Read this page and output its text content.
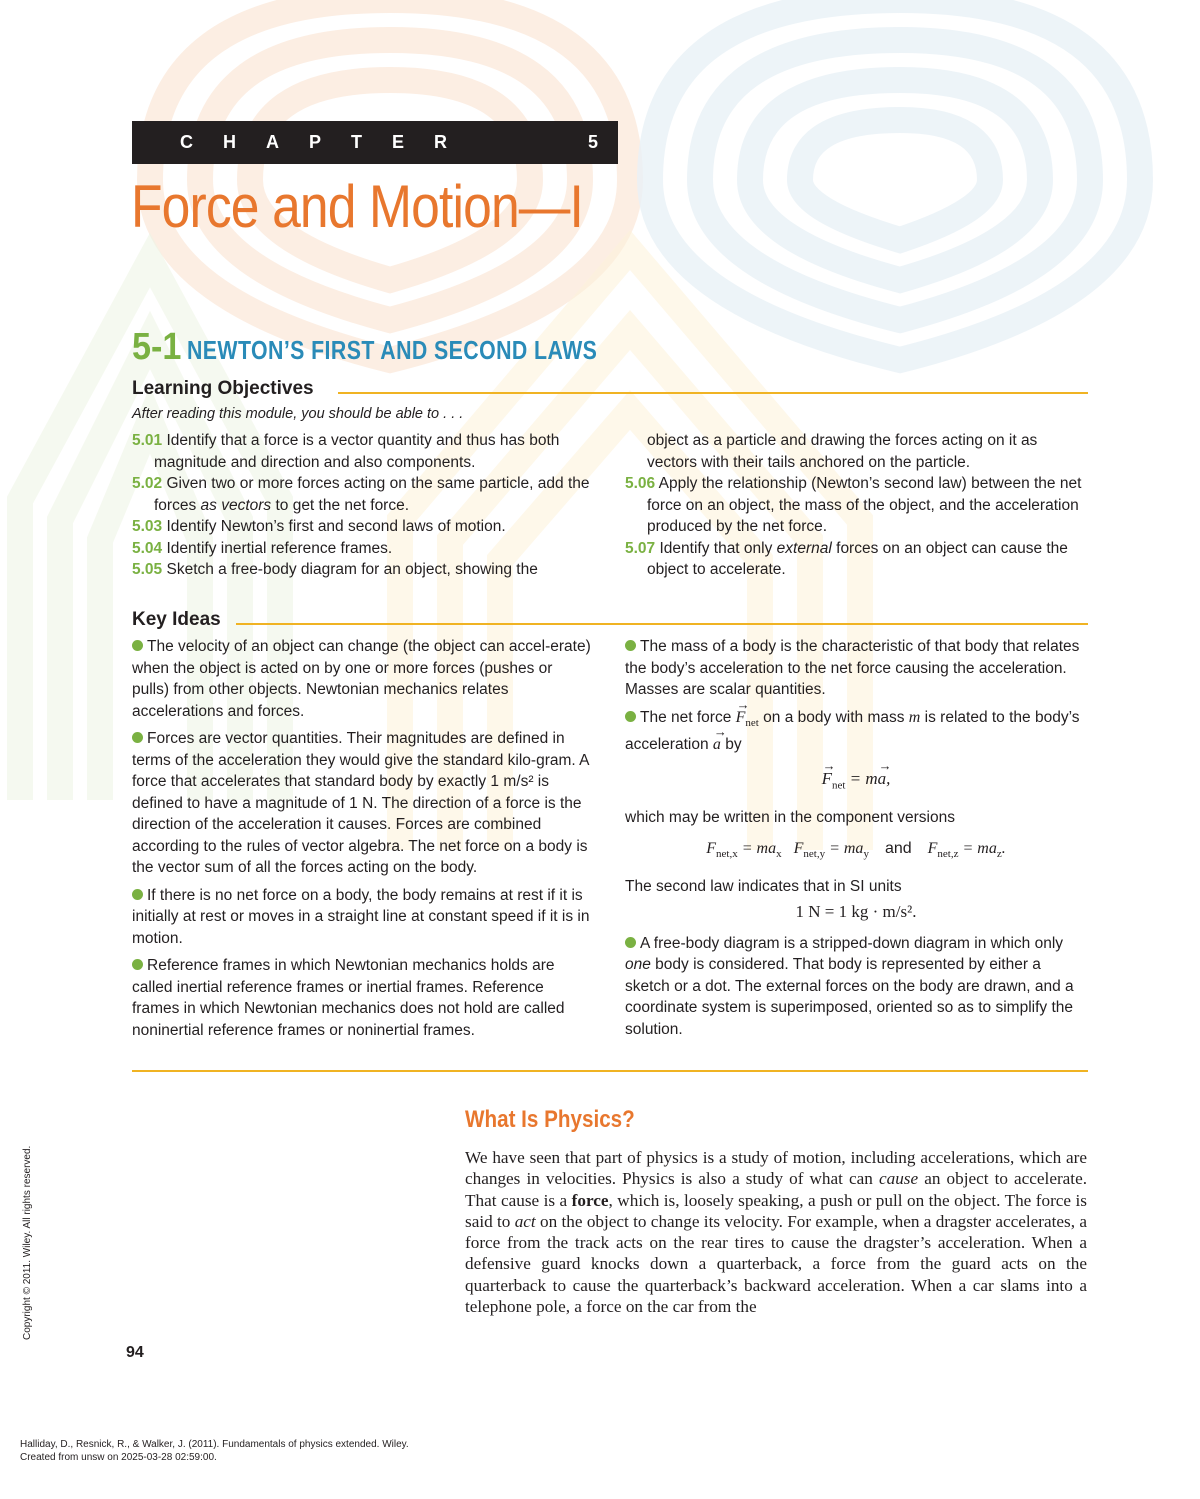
CHAPTER	5
Force and Motion—I
5-1 NEWTON’S FIRST AND SECOND LAWS
Learning Objectives
After reading this module, you should be able to . . .
5.01 Identify that a force is a vector quantity and thus has both magnitude and direction and also components.
5.02 Given two or more forces acting on the same particle, add the forces as vectors to get the net force.
5.03 Identify Newton’s first and second laws of motion.
5.04 Identify inertial reference frames.
5.05 Sketch a free-body diagram for an object, showing the
object as a particle and drawing the forces acting on it as vectors with their tails anchored on the particle.
5.06 Apply the relationship (Newton’s second law) between the net force on an object, the mass of the object, and the acceleration produced by the net force.
5.07 Identify that only external forces on an object can cause the object to accelerate.
Key Ideas
The velocity of an object can change (the object can accel-erate) when the object is acted on by one or more forces (pushes or pulls) from other objects. Newtonian mechanics relates accelerations and forces.
Forces are vector quantities. Their magnitudes are defined in terms of the acceleration they would give the standard kilo-gram. A force that accelerates that standard body by exactly 1 m/s² is defined to have a magnitude of 1 N. The direction of a force is the direction of the acceleration it causes. Forces are combined according to the rules of vector algebra. The net force on a body is the vector sum of all the forces acting on the body.
If there is no net force on a body, the body remains at rest if it is initially at rest or moves in a straight line at constant speed if it is in motion.
Reference frames in which Newtonian mechanics holds are called inertial reference frames or inertial frames. Reference frames in which Newtonian mechanics does not hold are called noninertial reference frames or noninertial frames.
The mass of a body is the characteristic of that body that relates the body’s acceleration to the net force causing the acceleration. Masses are scalar quantities.
The net force → $F_{net}$ on a body with mass m is related to the body’s acceleration → a by
→ $F_{net} = m\to a$,
which may be written in the component versions
$F_{net,x} = ma_x$ $F_{net,y} = ma_y$ and $F_{net,z} = ma_z$.
The second law indicates that in SI units
1 N = 1 kg · m/s².
A free-body diagram is a stripped-down diagram in which only one body is considered. That body is represented by either a sketch or a dot. The external forces on the body are drawn, and a coordinate system is superimposed, oriented so as to simplify the solution.
What Is Physics?
We have seen that part of physics is a study of motion, including accelerations, which are changes in velocities. Physics is also a study of what can cause an object to accelerate. That cause is a force, which is, loosely speaking, a push or pull on the object. The force is said to act on the object to change its velocity. For example, when a dragster accelerates, a force from the track acts on the rear tires to cause the dragster’s acceleration. When a defensive guard knocks down a quarterback, a force from the guard acts on the quarterback to cause the quarterback’s backward acceleration. When a car slams into a telephone pole, a force on the car from the
94
Copyright © 2011. Wiley. All rights reserved.
Halliday, D., Resnick, R., & Walker, J. (2011). Fundamentals of physics extended. Wiley.
Created from unsw on 2025-03-28 02:59:00.
